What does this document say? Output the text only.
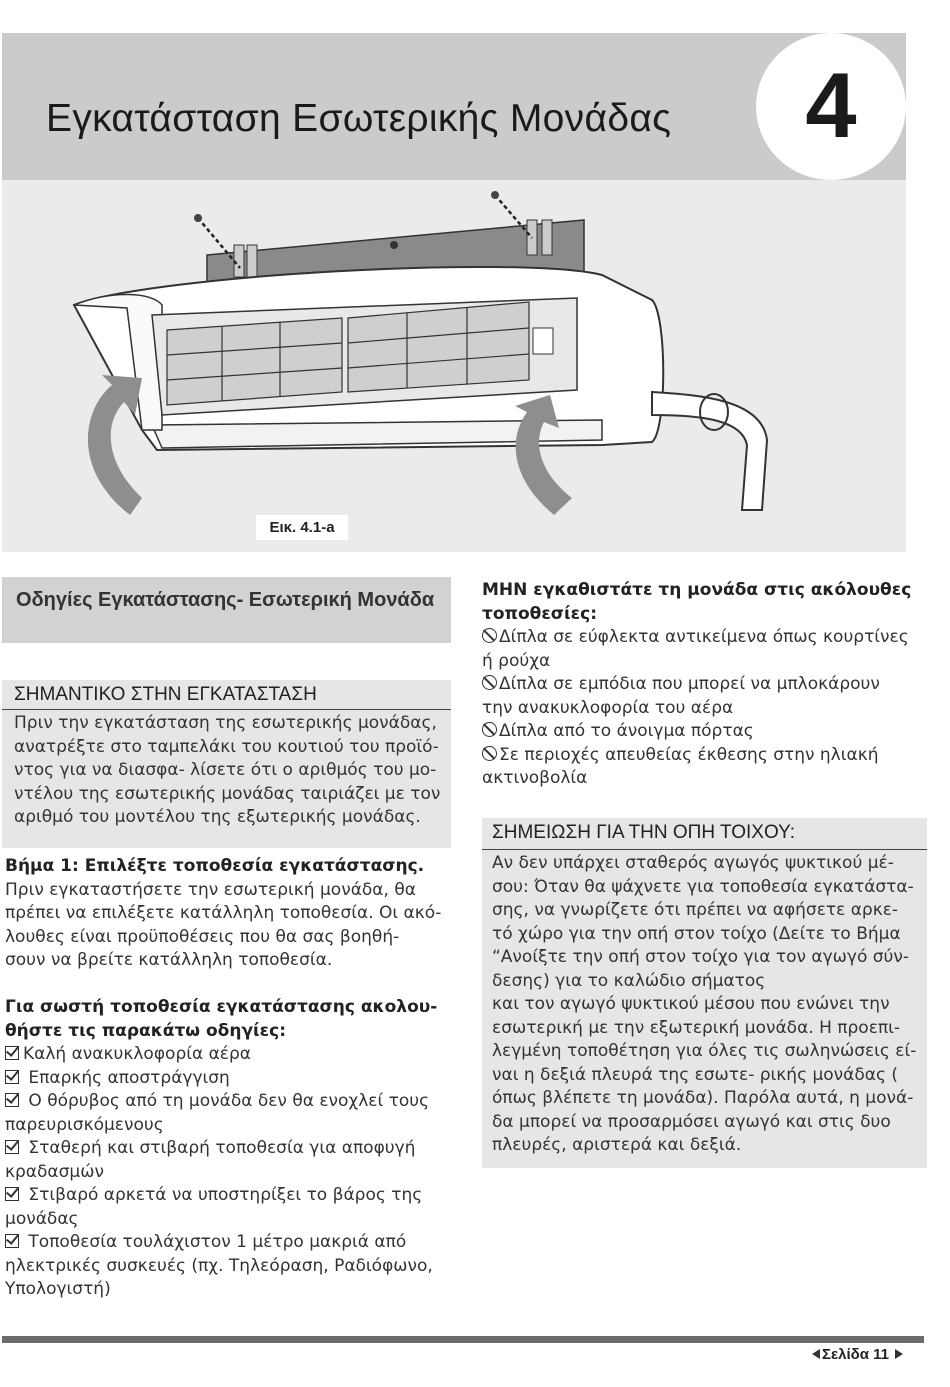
Εγκατάσταση Εσωτερικής Μονάδας	4
Εικ. 4.1-a
Οδηγίες Εγκατάστασης- Εσωτερική Μονάδα
ΣΗΜΑΝΤΙΚΟ ΣΤΗΝ ΕΓΚΑΤΑΣΤΑΣΗ
Πριν την εγκατάσταση της εσωτερικής μονάδας,
ανατρέξτε στο ταμπελάκι του κουτιού του προϊό-
ντος για να διασφα- λίσετε ότι ο αριθμός του μο-
ντέλου της εσωτερικής μονάδας ταιριάζει με τον
αριθμό του μοντέλου της εξωτερικής μονάδας.
Βήμα 1: Επιλέξτε τοποθεσία εγκατάστασης.
Πριν εγκαταστήσετε την εσωτερική μονάδα, θα
πρέπει να επιλέξετε κατάλληλη τοποθεσία. Οι ακό-
λουθες είναι προϋποθέσεις που θα σας βοηθή-
σουν να βρείτε κατάλληλη τοποθεσία.
Για σωστή τοποθεσία εγκατάστασης ακολου-
θήστε τις παρακάτω οδηγίες:
Καλή ανακυκλοφορία αέρα
Επαρκής αποστράγγιση
Ο θόρυβος από τη μονάδα δεν θα ενοχλεί τους
παρευρισκόμενους
Σταθερή και στιβαρή τοποθεσία για αποφυγή
κραδασμών
Στιβαρό αρκετά να υποστηρίξει το βάρος της
μονάδας
Τοποθεσία τουλάχιστον 1 μέτρο μακριά από
ηλεκτρικές συσκευές (πχ. Τηλεόραση, Ραδιόφωνο,
Υπολογιστή)
ΜΗΝ εγκαθιστάτε τη μονάδα στις ακόλουθες
τοποθεσίες:
Δίπλα σε εύφλεκτα αντικείμενα όπως κουρτίνες
ή ρούχα
Δίπλα σε εμπόδια που μπορεί να μπλοκάρουν
την ανακυκλοφορία του αέρα
Δίπλα από το άνοιγμα πόρτας
Σε περιοχές απευθείας έκθεσης στην ηλιακή
ακτινοβολία
ΣΗΜΕΙΩΣΗ ΓΙΑ ΤΗΝ ΟΠΗ ΤΟΙΧΟΥ:
Αν δεν υπάρχει σταθερός αγωγός ψυκτικού μέ-
σου: Όταν θα ψάχνετε για τοποθεσία εγκατάστα-
σης, να γνωρίζετε ότι πρέπει να αφήσετε αρκε-
τό χώρο για την οπή στον τοίχο (Δείτε το Βήμα
“Ανοίξτε την οπή στον τοίχο για τον αγωγό σύν-
δεσης) για το καλώδιο σήματος
και τον αγωγό ψυκτικού μέσου που ενώνει την
εσωτερική με την εξωτερική μονάδα. Η προεπι-
λεγμένη τοποθέτηση για όλες τις σωληνώσεις εί-
ναι η δεξιά πλευρά της εσωτε- ρικής μονάδας (
όπως βλέπετε τη μονάδα). Παρόλα αυτά, η μονά-
δα μπορεί να προσαρμόσει αγωγό και στις δυο
πλευρές, αριστερά και δεξιά.
Σελίδα 11
